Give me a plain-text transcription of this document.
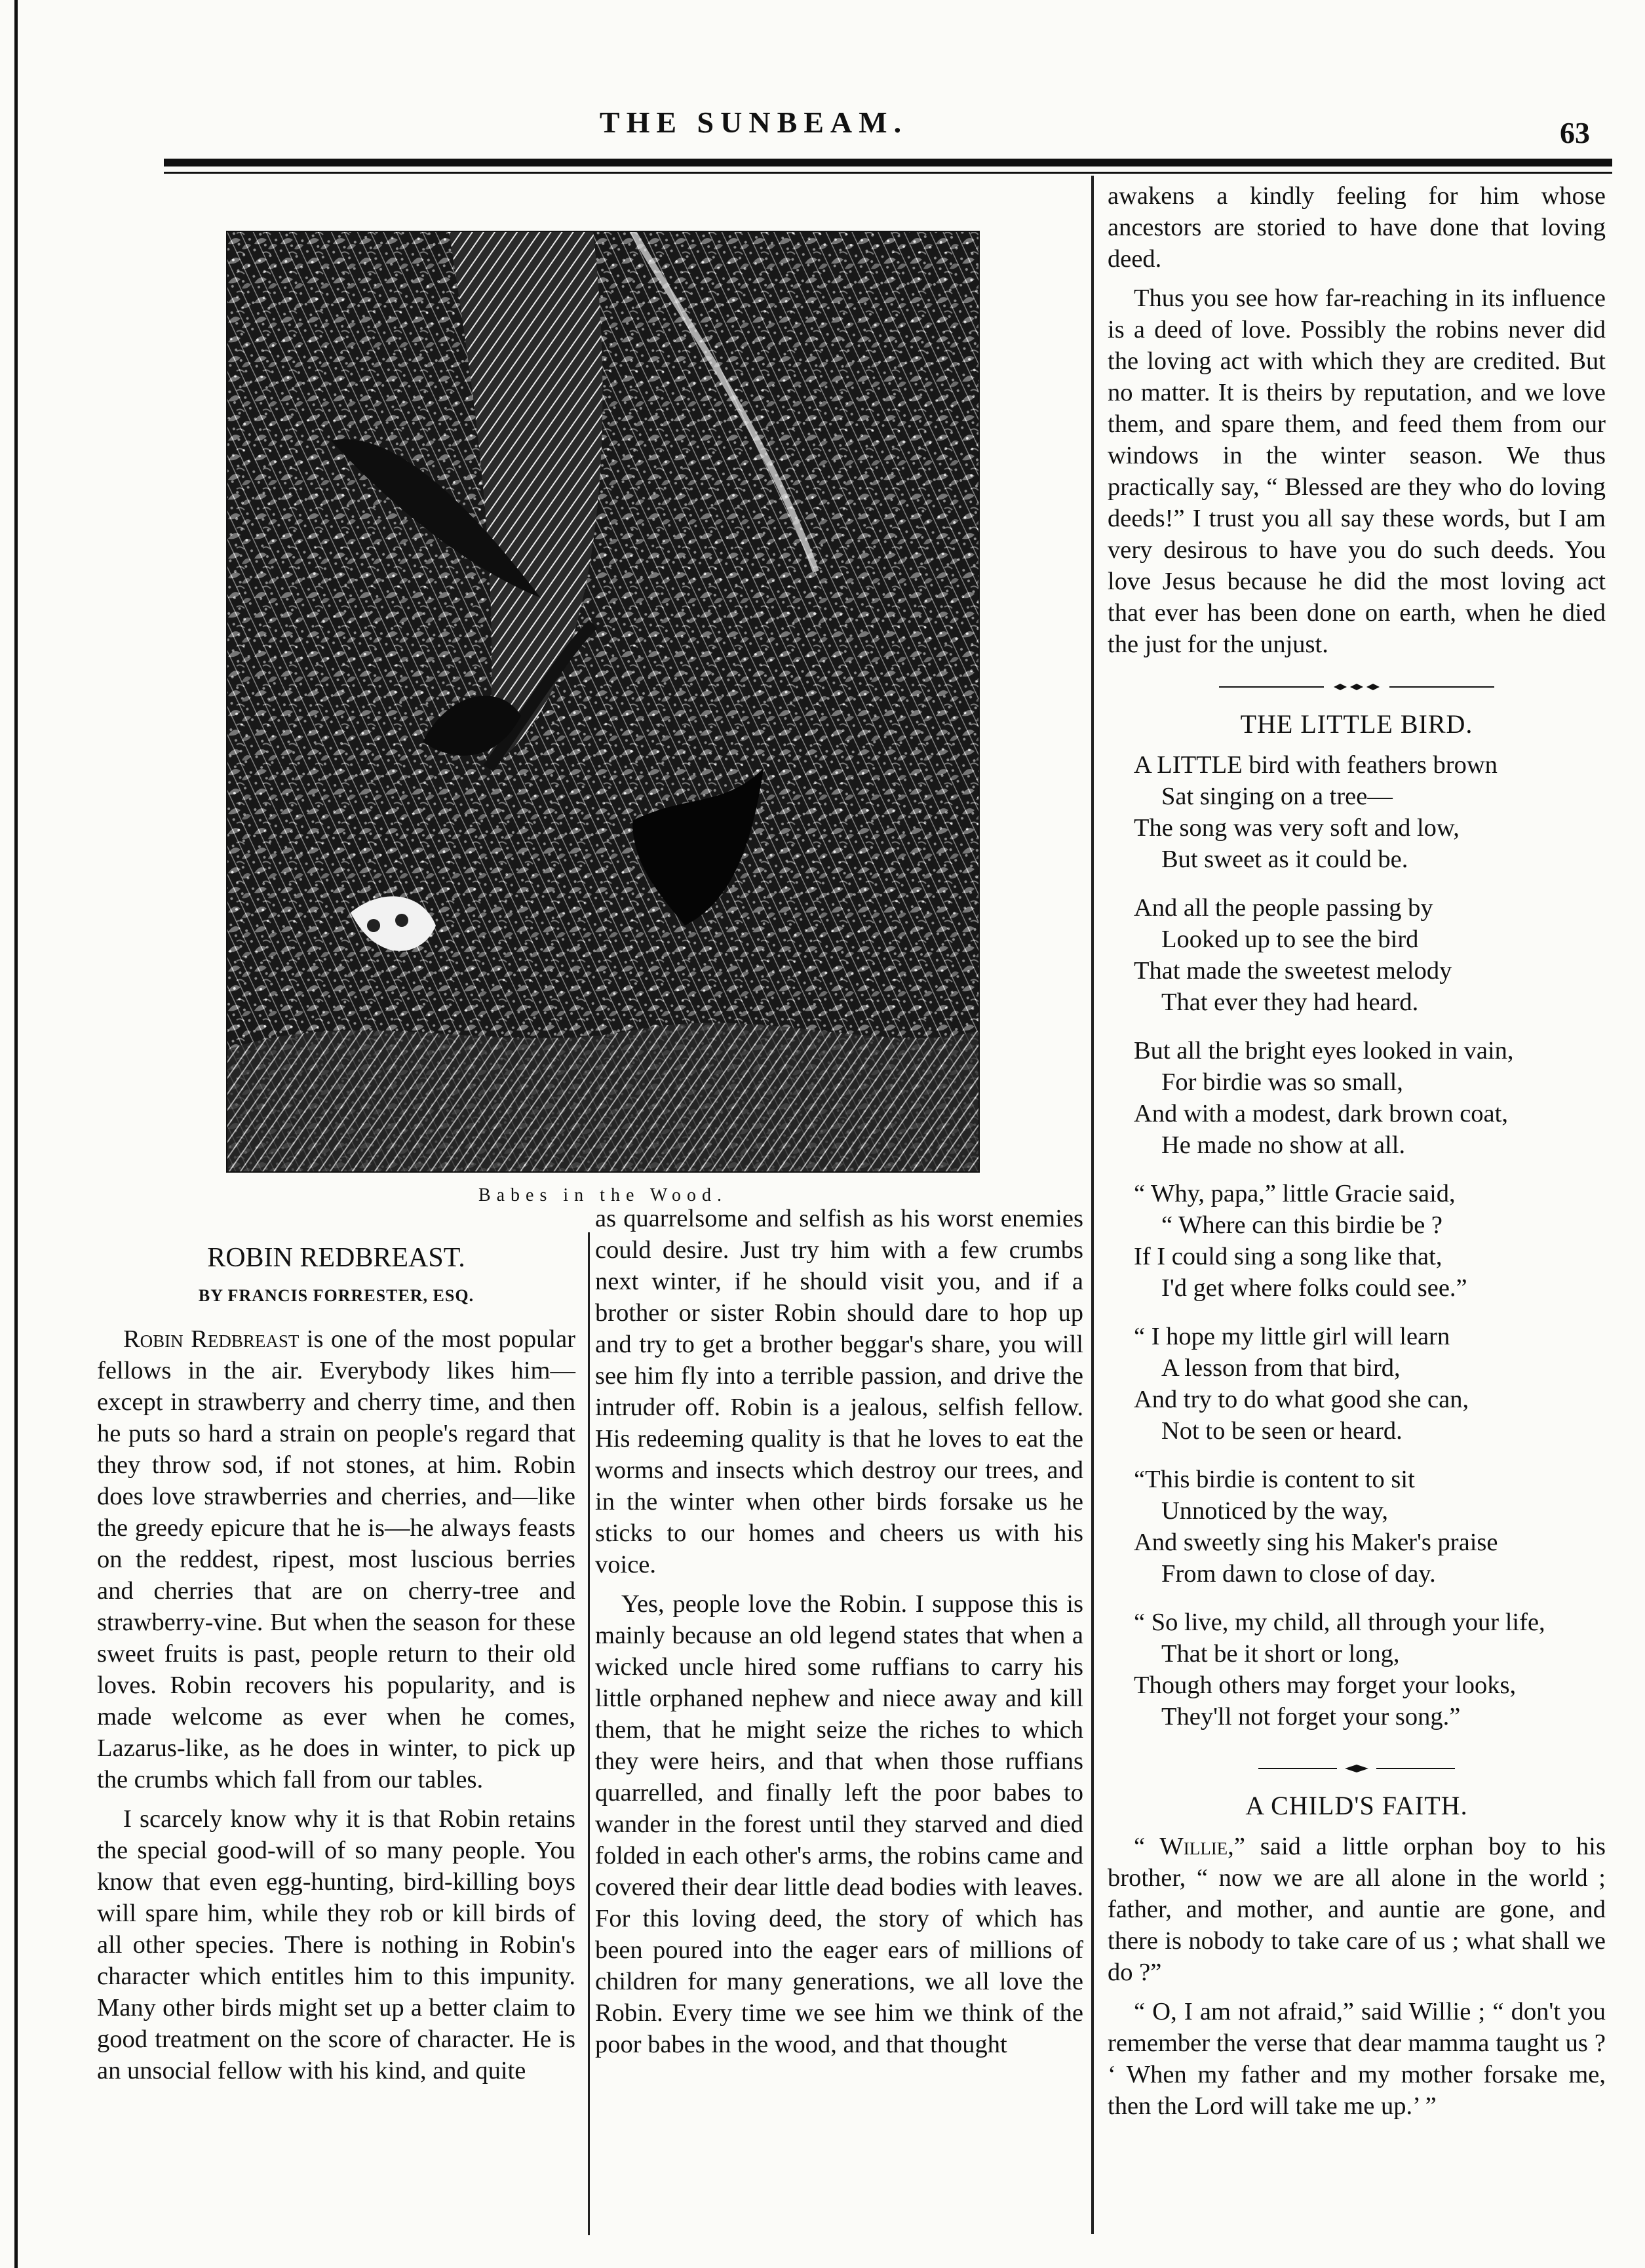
THE SUNBEAM.	63
Babes in the Wood.
ROBIN REDBREAST.
BY FRANCIS FORRESTER, ESQ.

Robin Redbreast is one of the most popular fellows in the air. Everybody likes him—except in strawberry and cherry time, and then he puts so hard a strain on people's regard that they throw sod, if not stones, at him. Robin does love strawberries and cherries, and—like the greedy epicure that he is—he always feasts on the reddest, ripest, most luscious berries and cherries that are on cherry-tree and strawberry-vine. But when the season for these sweet fruits is past, people return to their old loves. Robin recovers his popularity, and is made welcome as ever when he comes, Lazarus-like, as he does in winter, to pick up the crumbs which fall from our tables.

I scarcely know why it is that Robin retains the special good-will of so many people. You know that even egg-hunting, bird-killing boys will spare him, while they rob or kill birds of all other species. There is nothing in Robin's character which entitles him to this impunity. Many other birds might set up a better claim to good treatment on the score of character. He is an unsocial fellow with his kind, and quite

as quarrelsome and selfish as his worst enemies could desire. Just try him with a few crumbs next winter, if he should visit you, and if a brother or sister Robin should dare to hop up and try to get a brother beggar's share, you will see him fly into a terrible passion, and drive the intruder off. Robin is a jealous, selfish fellow. His redeeming quality is that he loves to eat the worms and insects which destroy our trees, and in the winter when other birds forsake us he sticks to our homes and cheers us with his voice.

Yes, people love the Robin. I suppose this is mainly because an old legend states that when a wicked uncle hired some ruffians to carry his little orphaned nephew and niece away and kill them, that he might seize the riches to which they were heirs, and that when those ruffians quarrelled, and finally left the poor babes to wander in the forest until they starved and died folded in each other's arms, the robins came and covered their dear little dead bodies with leaves. For this loving deed, the story of which has been poured into the eager ears of millions of children for many generations, we all love the Robin. Every time we see him we think of the poor babes in the wood, and that thought

awakens a kindly feeling for him whose ancestors are storied to have done that loving deed.

Thus you see how far-reaching in its influence is a deed of love. Possibly the robins never did the loving act with which they are credited. But no matter. It is theirs by reputation, and we love them, and spare them, and feed them from our windows in the winter season. We thus practically say, “ Blessed are they who do loving deeds!” I trust you all say these words, but I am very desirous to have you do such deeds. You love Jesus because he did the most loving act that ever has been done on earth, when he died the just for the unjust.

THE LITTLE BIRD.
A LITTLE bird with feathers brown
Sat singing on a tree—
The song was very soft and low,
But sweet as it could be.
And all the people passing by
Looked up to see the bird
That made the sweetest melody
That ever they had heard.
But all the bright eyes looked in vain,
For birdie was so small,
And with a modest, dark brown coat,
He made no show at all.
“ Why, papa,” little Gracie said,
“ Where can this birdie be ?
If I could sing a song like that,
I'd get where folks could see.”
“ I hope my little girl will learn
A lesson from that bird,
And try to do what good she can,
Not to be seen or heard.
“This birdie is content to sit
Unnoticed by the way,
And sweetly sing his Maker's praise
From dawn to close of day.
“ So live, my child, all through your life,
That be it short or long,
Though others may forget your looks,
They'll not forget your song.”
A CHILD'S FAITH.

“ Willie,” said a little orphan boy to his brother, “ now we are all alone in the world ; father, and mother, and auntie are gone, and there is nobody to take care of us ; what shall we do ?”

“ O, I am not afraid,” said Willie ; “ don't you remember the verse that dear mamma taught us ? ‘ When my father and my mother forsake me, then the Lord will take me up.’ ”
